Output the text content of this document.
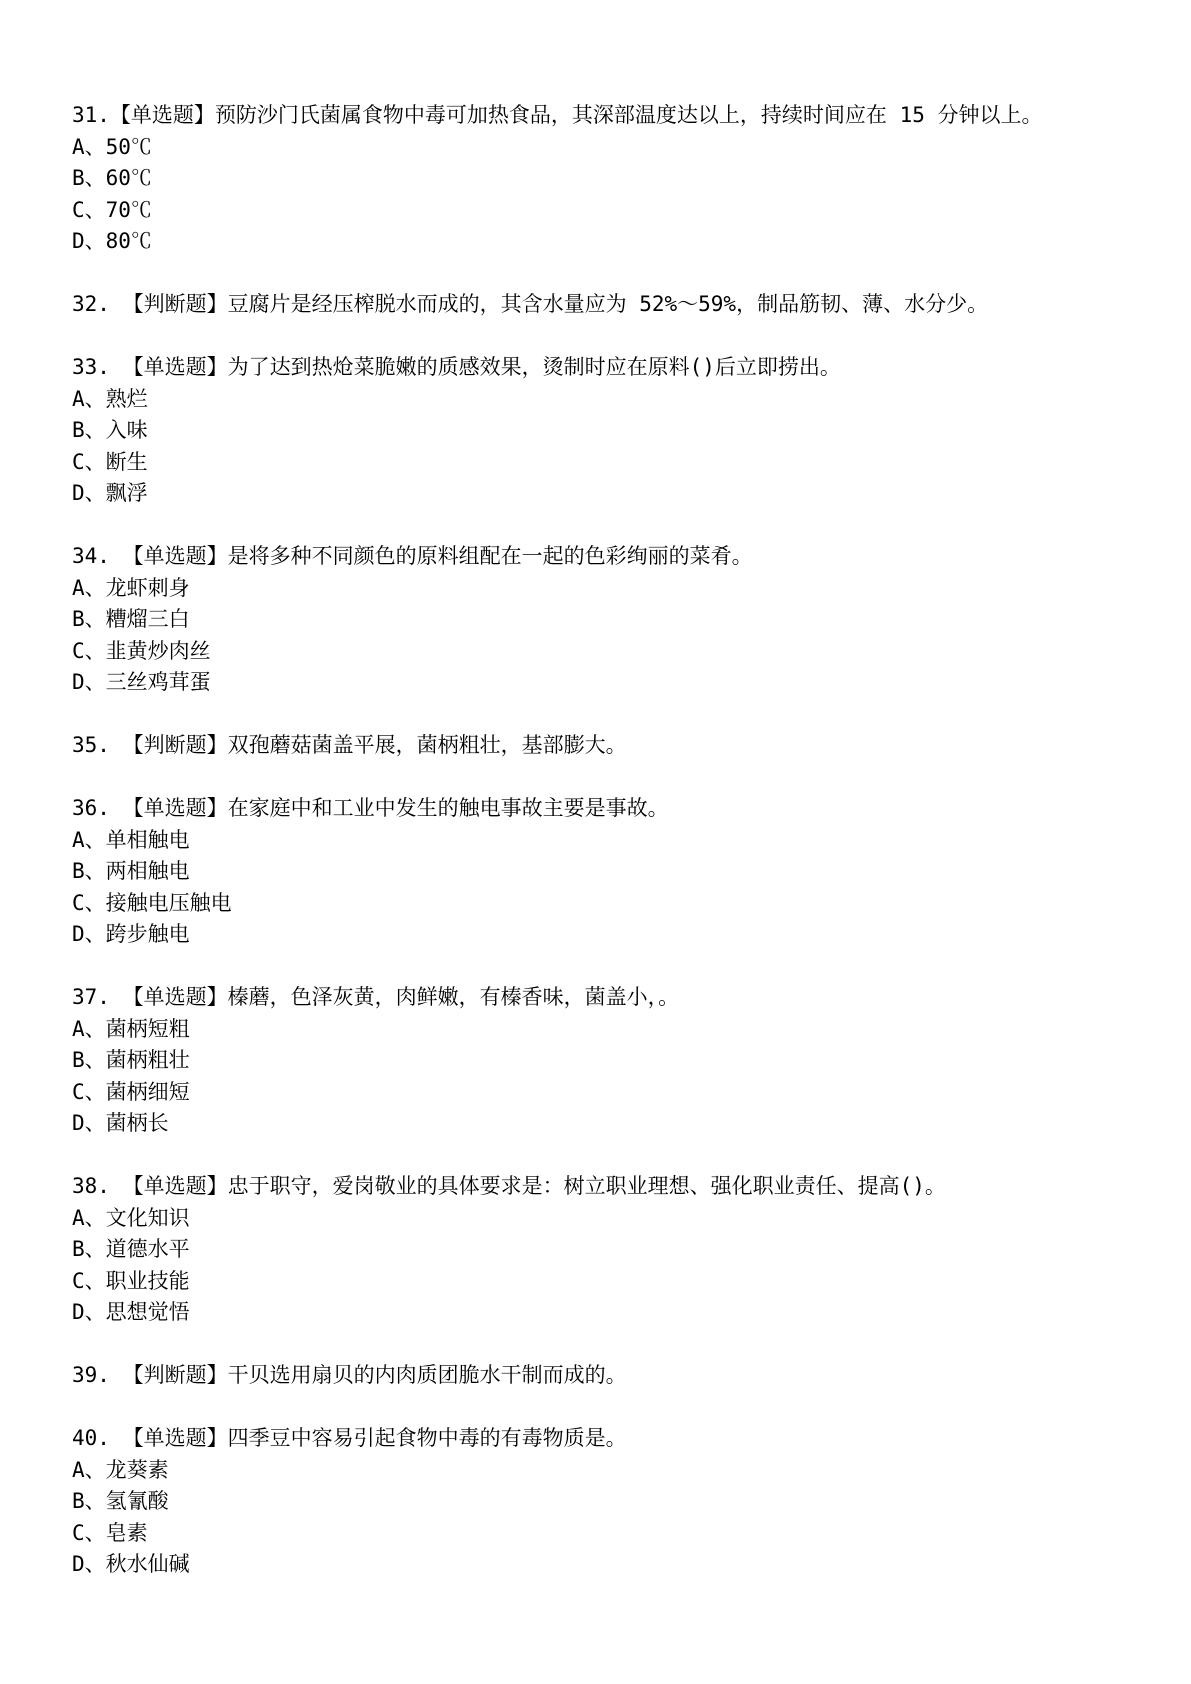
31.【单选题】预防沙门氏菌属食物中毒可加热食品，其深部温度达以上，持续时间应在 15 分钟以上。
A、50℃
B、60℃
C、70℃
D、80℃
32. 【判断题】豆腐片是经压榨脱水而成的，其含水量应为 52%～59%，制品筋韧、薄、水分少。
33. 【单选题】为了达到热炝菜脆嫩的质感效果，烫制时应在原料()后立即捞出。
A、熟烂
B、入味
C、断生
D、飘浮
34. 【单选题】是将多种不同颜色的原料组配在一起的色彩绚丽的菜肴。
A、龙虾刺身
B、糟熘三白
C、韭黄炒肉丝
D、三丝鸡茸蛋
35. 【判断题】双孢蘑菇菌盖平展，菌柄粗壮，基部膨大。
36. 【单选题】在家庭中和工业中发生的触电事故主要是事故。
A、单相触电
B、两相触电
C、接触电压触电
D、跨步触电
37. 【单选题】榛蘑，色泽灰黄，肉鲜嫩，有榛香味，菌盖小，。
A、菌柄短粗
B、菌柄粗壮
C、菌柄细短
D、菌柄长
38. 【单选题】忠于职守，爱岗敬业的具体要求是：树立职业理想、强化职业责任、提高()。
A、文化知识
B、道德水平
C、职业技能
D、思想觉悟
39. 【判断题】干贝选用扇贝的内肉质团脆水干制而成的。
40. 【单选题】四季豆中容易引起食物中毒的有毒物质是。
A、龙葵素
B、氢氰酸
C、皂素
D、秋水仙碱
